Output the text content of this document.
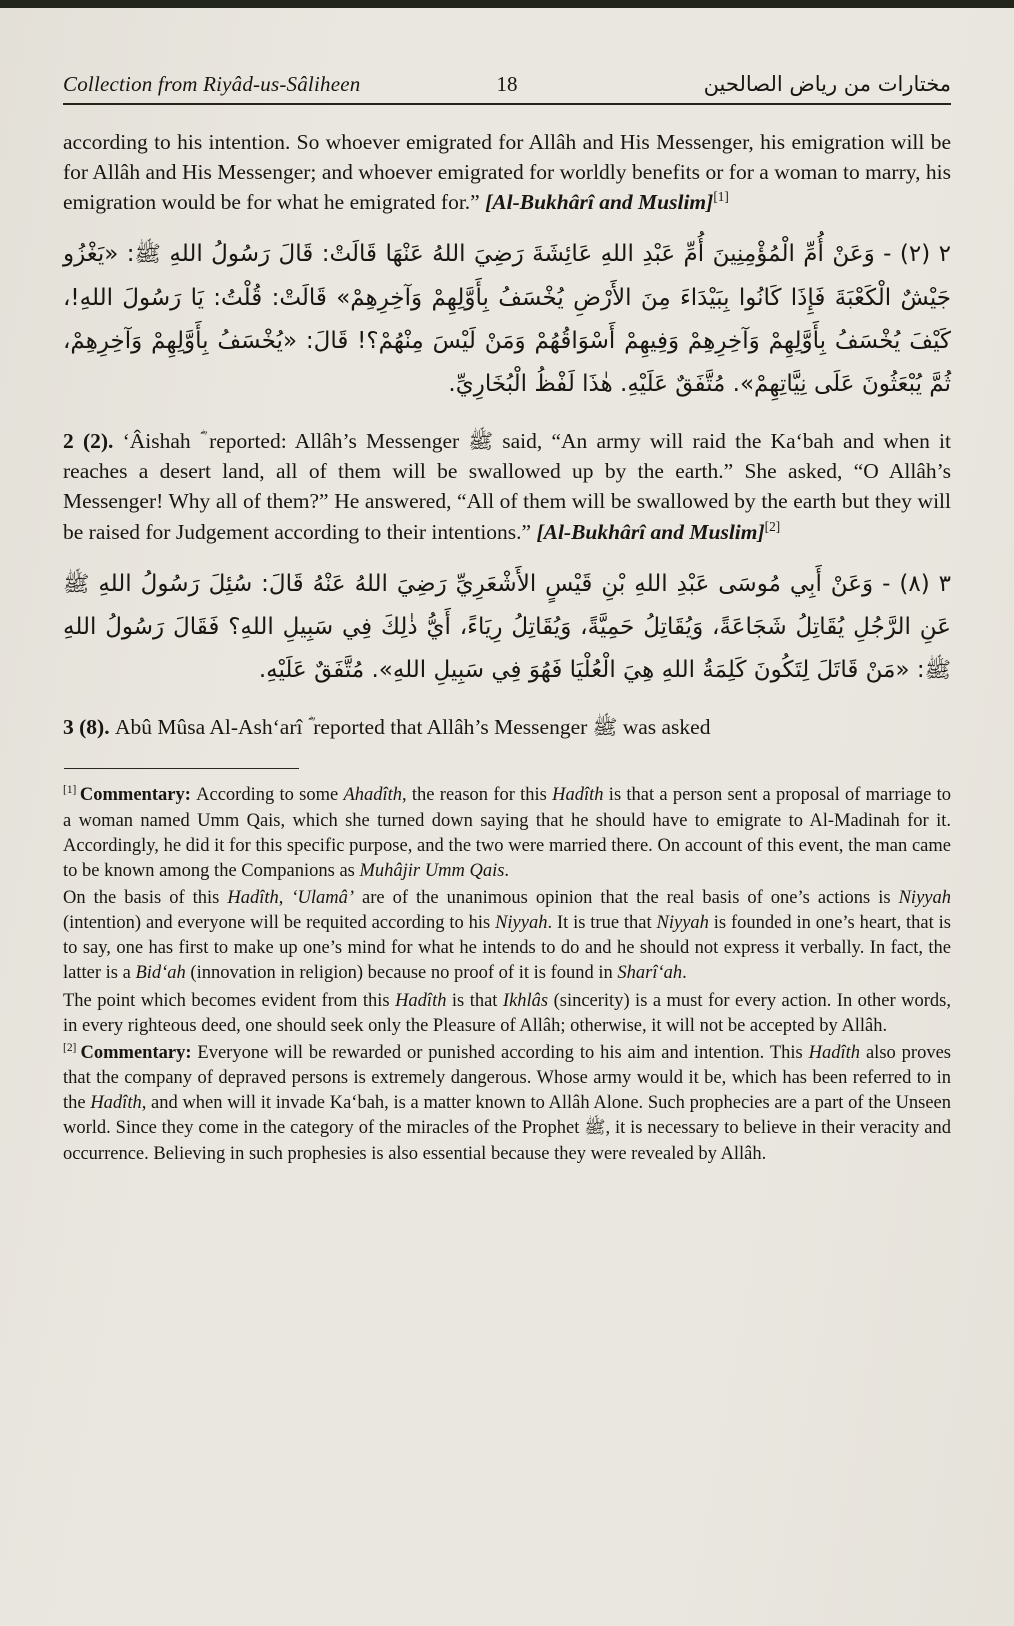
Collection from Riyâd-us-Sâliheen	18	مختارات من رياض الصالحين

according to his intention. So whoever emigrated for Allâh and His Messenger, his emigration will be for Allâh and His Messenger; and whoever emigrated for worldly benefits or for a woman to marry, his emigration would be for what he emigrated for.” [Al-Bukhârî and Muslim][1]

٢ (٢) - وَعَنْ أُمِّ الْمُؤْمِنِينَ أُمِّ عَبْدِ اللهِ عَائِشَةَ رَضِيَ اللهُ عَنْهَا قَالَتْ: قَالَ رَسُولُ اللهِ ﷺ: «يَغْزُو جَيْشٌ الْكَعْبَةَ فَإِذَا كَانُوا بِبَيْدَاءَ مِنَ الأَرْضِ يُخْسَفُ بِأَوَّلِهِمْ وَآخِرِهِمْ» قَالَتْ: قُلْتُ: يَا رَسُولَ اللهِ!، كَيْفَ يُخْسَفُ بِأَوَّلِهِمْ وَآخِرِهِمْ وَفِيهِمْ أَسْوَاقُهُمْ وَمَنْ لَيْسَ مِنْهُمْ؟! قَالَ: «يُخْسَفُ بِأَوَّلِهِمْ وَآخِرِهِمْ، ثُمَّ يُبْعَثُونَ عَلَى نِيَّاتِهِمْ». مُتَّفَقٌ عَلَيْهِ. هٰذَا لَفْظُ الْبُخَارِيِّ.

2 (2). ‘Âishah reported: Allâh’s Messenger ﷺ said, “An army will raid the Ka‘bah and when it reaches a desert land, all of them will be swallowed up by the earth.” She asked, “O Allâh’s Messenger! Why all of them?” He answered, “All of them will be swallowed by the earth but they will be raised for Judgement according to their intentions.” [Al-Bukhârî and Muslim][2]

٣ (٨) - وَعَنْ أَبِي مُوسَى عَبْدِ اللهِ بْنِ قَيْسٍ الأَشْعَرِيِّ رَضِيَ اللهُ عَنْهُ قَالَ: سُئِلَ رَسُولُ اللهِ ﷺ عَنِ الرَّجُلِ يُقَاتِلُ شَجَاعَةً، وَيُقَاتِلُ حَمِيَّةً، وَيُقَاتِلُ رِيَاءً، أَيُّ ذٰلِكَ فِي سَبِيلِ اللهِ؟ فَقَالَ رَسُولُ اللهِ ﷺ: «مَنْ قَاتَلَ لِتَكُونَ كَلِمَةُ اللهِ هِيَ الْعُلْيَا فَهُوَ فِي سَبِيلِ اللهِ». مُتَّفَقٌ عَلَيْهِ.

3 (8). Abû Mûsa Al-Ash‘arî reported that Allâh’s Messenger ﷺ was asked

[1] Commentary: According to some Ahadîth, the reason for this Hadîth is that a person sent a proposal of marriage to a woman named Umm Qais, which she turned down saying that he should have to emigrate to Al-Madinah for it. Accordingly, he did it for this specific purpose, and the two were married there. On account of this event, the man came to be known among the Companions as Muhâjir Umm Qais.

On the basis of this Hadîth, ‘Ulamâ’ are of the unanimous opinion that the real basis of one’s actions is Niyyah (intention) and everyone will be requited according to his Niyyah. It is true that Niyyah is founded in one’s heart, that is to say, one has first to make up one’s mind for what he intends to do and he should not express it verbally. In fact, the latter is a Bid‘ah (innovation in religion) because no proof of it is found in Sharî‘ah.

The point which becomes evident from this Hadîth is that Ikhlâs (sincerity) is a must for every action. In other words, in every righteous deed, one should seek only the Pleasure of Allâh; otherwise, it will not be accepted by Allâh.

[2] Commentary: Everyone will be rewarded or punished according to his aim and intention. This Hadîth also proves that the company of depraved persons is extremely dangerous. Whose army would it be, which has been referred to in the Hadîth, and when will it invade Ka‘bah, is a matter known to Allâh Alone. Such prophecies are a part of the Unseen world. Since they come in the category of the miracles of the Prophet ﷺ, it is necessary to believe in their veracity and occurrence. Believing in such prophesies is also essential because they were revealed by Allâh.
